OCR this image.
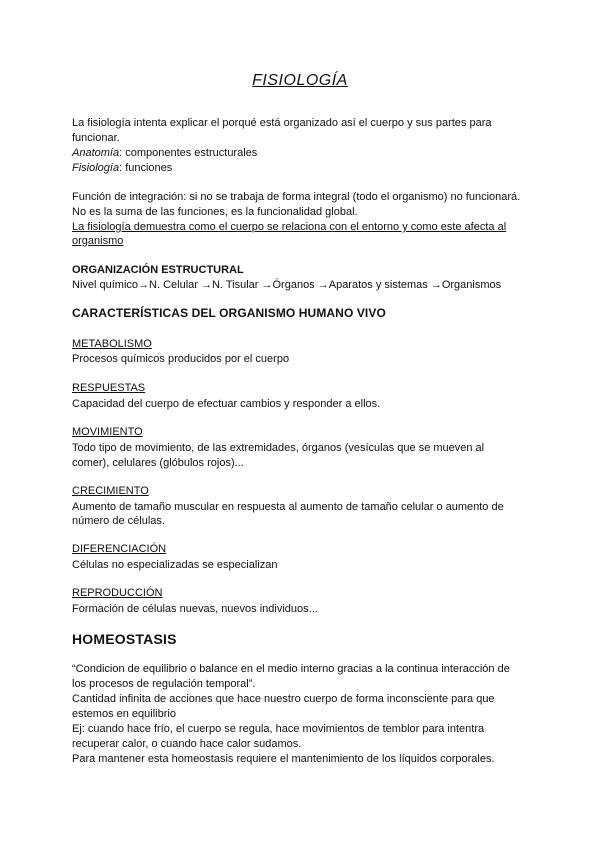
FISIOLOGÍA
La fisiología intenta explicar el porqué está organizado así el cuerpo y sus partes para
funcionar.
Anatomía: componentes estructurales
Fisiología: funciones
Función de integración: si no se trabaja de forma integral (todo el organismo) no funcionará.
No es la suma de las funciones, es la funcionalidad global.
La fisiología demuestra como el cuerpo se relaciona con el entorno y como este afecta al
organismo
ORGANIZACIÓN ESTRUCTURAL
Nivel químico→N. Celular →N. Tisular →Órganos →Aparatos y sistemas →Organismos
CARACTERÍSTICAS DEL ORGANISMO HUMANO VIVO
METABOLISMO
Procesos químicos producidos por el cuerpo
RESPUESTAS
Capacidad del cuerpo de efectuar cambios y responder a ellos.
MOVIMIENTO
Todo tipo de movimiento, de las extremidades, órganos (vesículas que se mueven al
comer), celulares (glóbulos rojos)...
CRECIMIENTO
Aumento de tamaño muscular en respuesta al aumento de tamaño celular o aumento de
número de células.
DIFERENCIACIÓN
Células no especializadas se especializan
REPRODUCCIÓN
Formación de células nuevas, nuevos individuos...
HOMEOSTASIS
“Condicion de equilibrio o balance en el medio interno gracias a la continua interacción de
los procesos de regulación temporal”.
Cantidad infinita de acciones que hace nuestro cuerpo de forma inconsciente para que
estemos en equilibrio
Ej: cuando hace frío, el cuerpo se regula, hace movimientos de temblor para intentra
recuperar calor, o cuando hace calor sudamos.
Para mantener esta homeostasis requiere el mantenimiento de los líquidos corporales.
